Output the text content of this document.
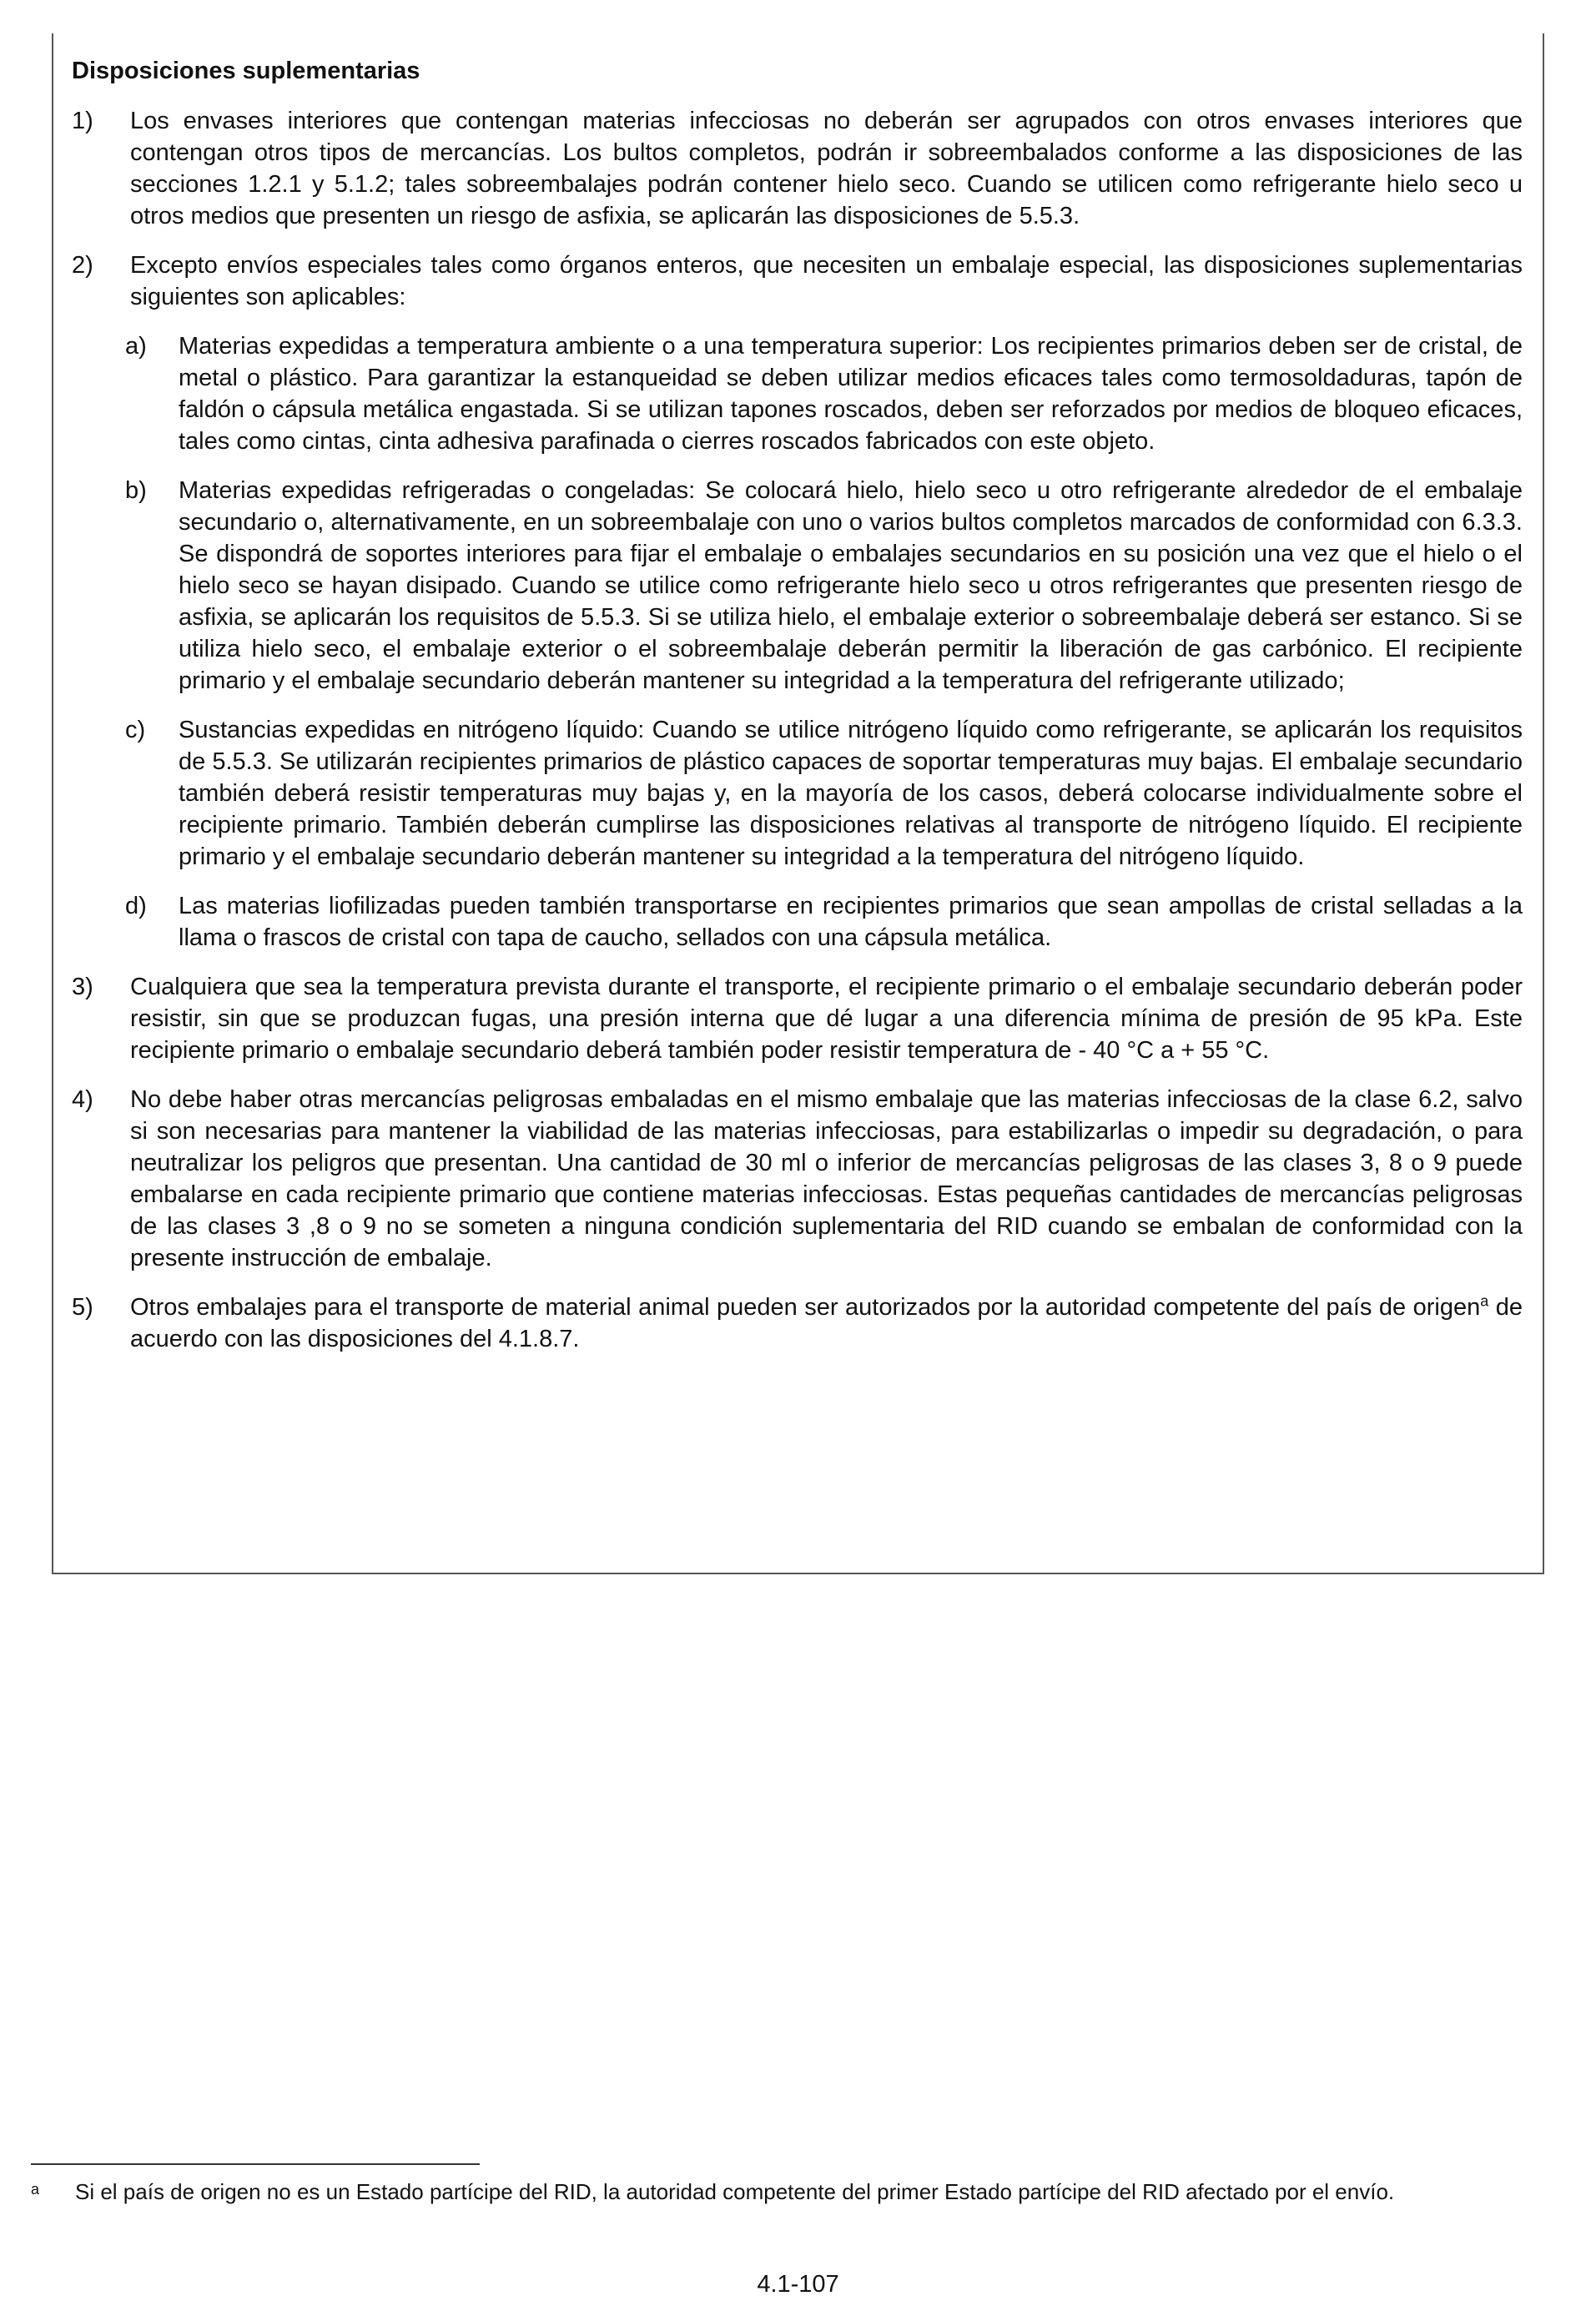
Disposiciones suplementarias
1)	Los envases interiores que contengan materias infecciosas no deberán ser agrupados con otros envases interiores que contengan otros tipos de mercancías. Los bultos completos, podrán ir sobreembalados conforme a las disposiciones de las secciones 1.2.1 y 5.1.2; tales sobreembalajes podrán contener hielo seco. Cuando se utilicen como refrigerante hielo seco u otros medios que presenten un riesgo de asfixia, se aplicarán las disposiciones de 5.5.3.

2)	Excepto envíos especiales tales como órganos enteros, que necesiten un embalaje especial, las disposiciones suplementarias siguientes son aplicables:

a)	Materias expedidas a temperatura ambiente o a una temperatura superior: Los recipientes primarios deben ser de cristal, de metal o plástico. Para garantizar la estanqueidad se deben utilizar medios eficaces tales como termosoldaduras, tapón de faldón o cápsula metálica engastada. Si se utilizan tapones roscados, deben ser reforzados por medios de bloqueo eficaces, tales como cintas, cinta adhesiva parafinada o cierres roscados fabricados con este objeto.
b)	Materias expedidas refrigeradas o congeladas: Se colocará hielo, hielo seco u otro refrigerante alrededor de el embalaje secundario o, alternativamente, en un sobreembalaje con uno o varios bultos completos marcados de conformidad con 6.3.3. Se dispondrá de soportes interiores para fijar el embalaje o embalajes secundarios en su posición una vez que el hielo o el hielo seco se hayan disipado. Cuando se utilice como refrigerante hielo seco u otros refrigerantes que presenten riesgo de asfixia, se aplicarán los requisitos de 5.5.3. Si se utiliza hielo, el embalaje exterior o sobreembalaje deberá ser estanco. Si se utiliza hielo seco, el embalaje exterior o el sobreembalaje deberán permitir la liberación de gas carbónico. El recipiente primario y el embalaje secundario deberán mantener su integridad a la temperatura del refrigerante utilizado;
c)	Sustancias expedidas en nitrógeno líquido: Cuando se utilice nitrógeno líquido como refrigerante, se aplicarán los requisitos de 5.5.3. Se utilizarán recipientes primarios de plástico capaces de soportar temperaturas muy bajas. El embalaje secundario también deberá resistir temperaturas muy bajas y, en la mayoría de los casos, deberá colocarse individualmente sobre el recipiente primario. También deberán cumplirse las disposiciones relativas al transporte de nitrógeno líquido. El recipiente primario y el embalaje secundario deberán mantener su integridad a la temperatura del nitrógeno líquido.
d)	Las materias liofilizadas pueden también transportarse en recipientes primarios que sean ampollas de cristal selladas a la llama o frascos de cristal con tapa de caucho, sellados con una cápsula metálica.
3)	Cualquiera que sea la temperatura prevista durante el transporte, el recipiente primario o el embalaje secundario deberán poder resistir, sin que se produzcan fugas, una presión interna que dé lugar a una diferencia mínima de presión de 95 kPa. Este recipiente primario o embalaje secundario deberá también poder resistir temperatura de - 40 °C a + 55 °C.

4)	No debe haber otras mercancías peligrosas embaladas en el mismo embalaje que las materias infecciosas de la clase 6.2, salvo si son necesarias para mantener la viabilidad de las materias infecciosas, para estabilizarlas o impedir su degradación, o para neutralizar los peligros que presentan. Una cantidad de 30 ml o inferior de mercancías peligrosas de las clases 3, 8 o 9 puede embalarse en cada recipiente primario que contiene materias infecciosas. Estas pequeñas cantidades de mercancías peligrosas de las clases 3 ,8 o 9 no se someten a ninguna condición suplementaria del RID cuando se embalan de conformidad con la presente instrucción de embalaje.

5)	Otros embalajes para el transporte de material animal pueden ser autorizados por la autoridad competente del país de origen$^a$ de acuerdo con las disposiciones del 4.1.8.7.

a	Si el país de origen no es un Estado partícipe del RID, la autoridad competente del primer Estado partícipe del RID afectado por el envío.
4.1-107
